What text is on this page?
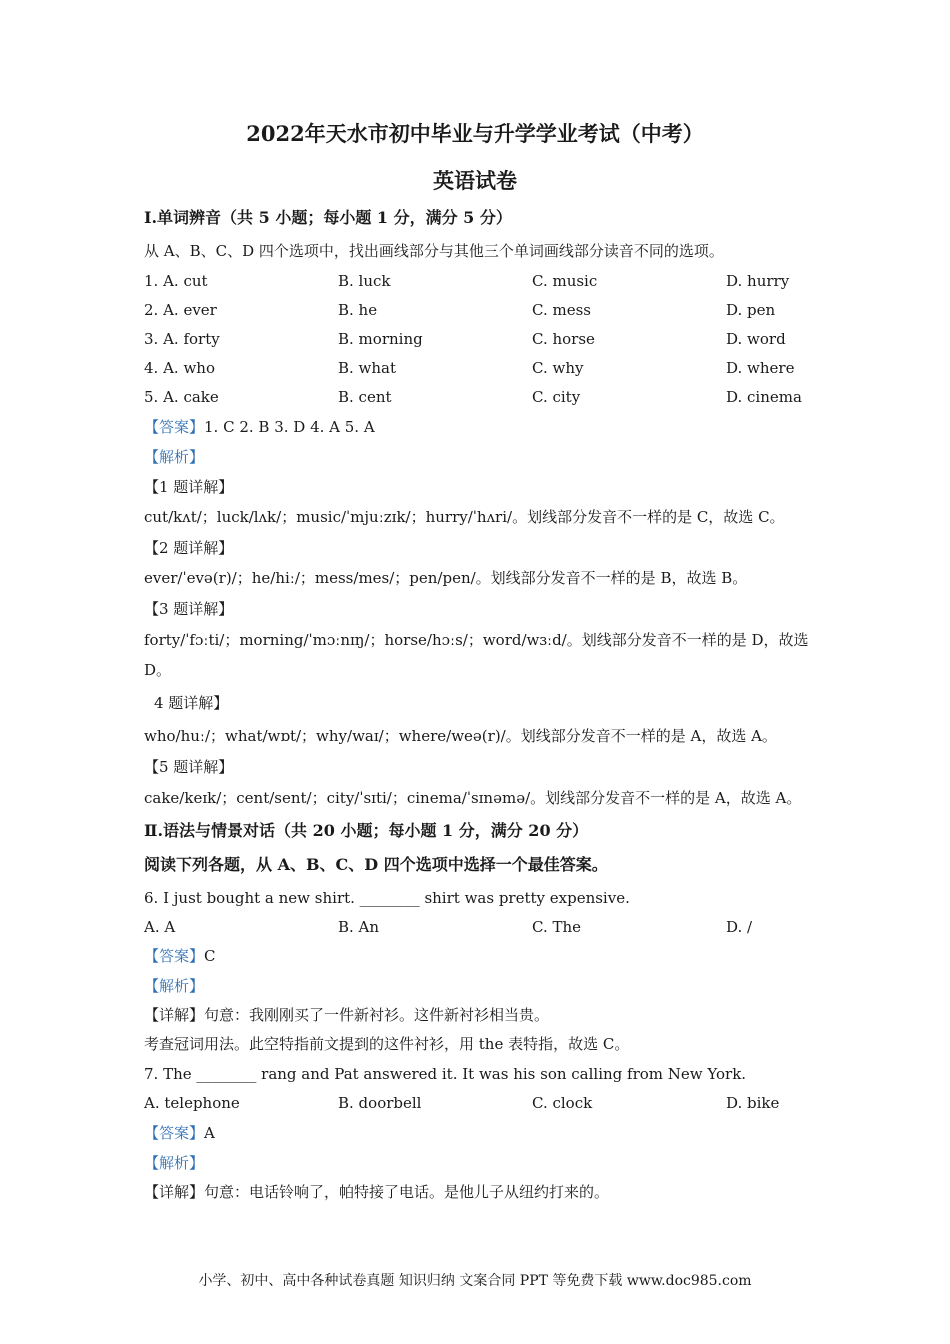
2022年天水市初中毕业与升学学业考试（中考）
英语试卷
Ⅰ.单词辨音（共 5 小题；每小题 1 分，满分 5 分）
从 A、B、C、D 四个选项中，找出画线部分与其他三个单词画线部分读音不同的选项。
1. A. cut	B. luck	C. music	D. hurry
2. A. ever	B. he	C. mess	D. pen
3. A. forty	B. morning	C. horse	D. word
4. A. who	B. what	C. why	D. where
5. A. cake	B. cent	C. city	D. cinema
【答案】1. C 2. B 3. D 4. A 5. A
【解析】
【1 题详解】
cut/kʌt/；luck/lʌk/；music/ˈmjuːzɪk/；hurry/ˈhʌri/。划线部分发音不一样的是 C，故选 C。
【2 题详解】
ever/ˈevə(r)/；he/hiː/；mess/mes/；pen/pen/。划线部分发音不一样的是 B，故选 B。
【3 题详解】
forty/ˈfɔːti/；morning/ˈmɔːnɪŋ/；horse/hɔːs/；word/wɜːd/。划线部分发音不一样的是 D，故选
D。
4 题详解】
who/huː/；what/wɒt/；why/waɪ/；where/weə(r)/。划线部分发音不一样的是 A，故选 A。
【5 题详解】
cake/keɪk/；cent/sent/；city/ˈsɪti/；cinema/ˈsɪnəmə/。划线部分发音不一样的是 A，故选 A。
Ⅱ.语法与情景对话（共 20 小题；每小题 1 分，满分 20 分）
阅读下列各题，从 A、B、C、D 四个选项中选择一个最佳答案。
6. I just bought a new shirt. ________ shirt was pretty expensive.
A. A	B. An	C. The	D. /
【答案】C
【解析】
【详解】句意：我刚刚买了一件新衬衫。这件新衬衫相当贵。
考查冠词用法。此空特指前文提到的这件衬衫，用 the 表特指，故选 C。
7. The ________ rang and Pat answered it. It was his son calling from New York.
A. telephone	B. doorbell	C. clock	D. bike
【答案】A
【解析】
【详解】句意：电话铃响了，帕特接了电话。是他儿子从纽约打来的。
小学、初中、高中各种试卷真题 知识归纳 文案合同 PPT 等免费下载 www.doc985.com
